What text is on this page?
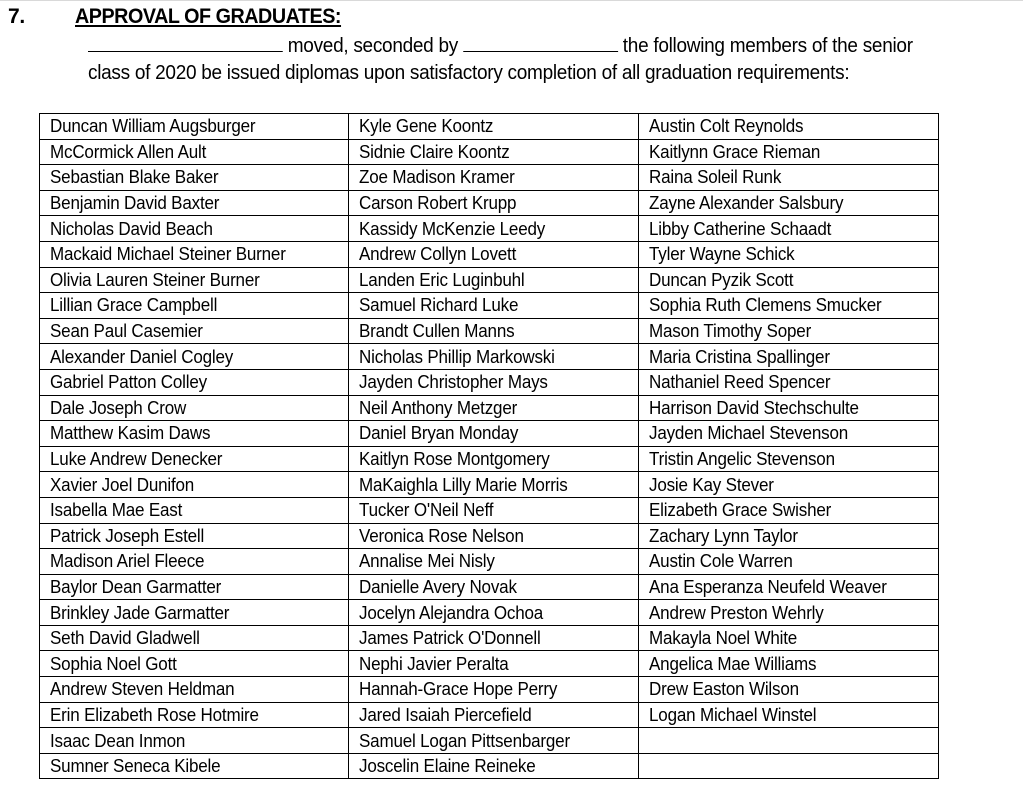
7. APPROVAL OF GRADUATES:
moved, seconded by	the following members of the senior
class of 2020 be issued diplomas upon satisfactory completion of all graduation requirements:
Duncan William Augsburger	Kyle Gene Koontz	Austin Colt Reynolds
McCormick Allen Ault	Sidnie Claire Koontz	Kaitlynn Grace Rieman
Sebastian Blake Baker	Zoe Madison Kramer	Raina Soleil Runk
Benjamin David Baxter	Carson Robert Krupp	Zayne Alexander Salsbury
Nicholas David Beach	Kassidy McKenzie Leedy	Libby Catherine Schaadt
Mackaid Michael Steiner Burner	Andrew Collyn Lovett	Tyler Wayne Schick
Olivia Lauren Steiner Burner	Landen Eric Luginbuhl	Duncan Pyzik Scott
Lillian Grace Campbell	Samuel Richard Luke	Sophia Ruth Clemens Smucker
Sean Paul Casemier	Brandt Cullen Manns	Mason Timothy Soper
Alexander Daniel Cogley	Nicholas Phillip Markowski	Maria Cristina Spallinger
Gabriel Patton Colley	Jayden Christopher Mays	Nathaniel Reed Spencer
Dale Joseph Crow	Neil Anthony Metzger	Harrison David Stechschulte
Matthew Kasim Daws	Daniel Bryan Monday	Jayden Michael Stevenson
Luke Andrew Denecker	Kaitlyn Rose Montgomery	Tristin Angelic Stevenson
Xavier Joel Dunifon	MaKaighla Lilly Marie Morris	Josie Kay Stever
Isabella Mae East	Tucker O'Neil Neff	Elizabeth Grace Swisher
Patrick Joseph Estell	Veronica Rose Nelson	Zachary Lynn Taylor
Madison Ariel Fleece	Annalise Mei Nisly	Austin Cole Warren
Baylor Dean Garmatter	Danielle Avery Novak	Ana Esperanza Neufeld Weaver
Brinkley Jade Garmatter	Jocelyn Alejandra Ochoa	Andrew Preston Wehrly
Seth David Gladwell	James Patrick O'Donnell	Makayla Noel White
Sophia Noel Gott	Nephi Javier Peralta	Angelica Mae Williams
Andrew Steven Heldman	Hannah-Grace Hope Perry	Drew Easton Wilson
Erin Elizabeth Rose Hotmire	Jared Isaiah Piercefield	Logan Michael Winstel
Isaac Dean Inmon	Samuel Logan Pittsenbarger	
Sumner Seneca Kibele	Joscelin Elaine Reineke	
